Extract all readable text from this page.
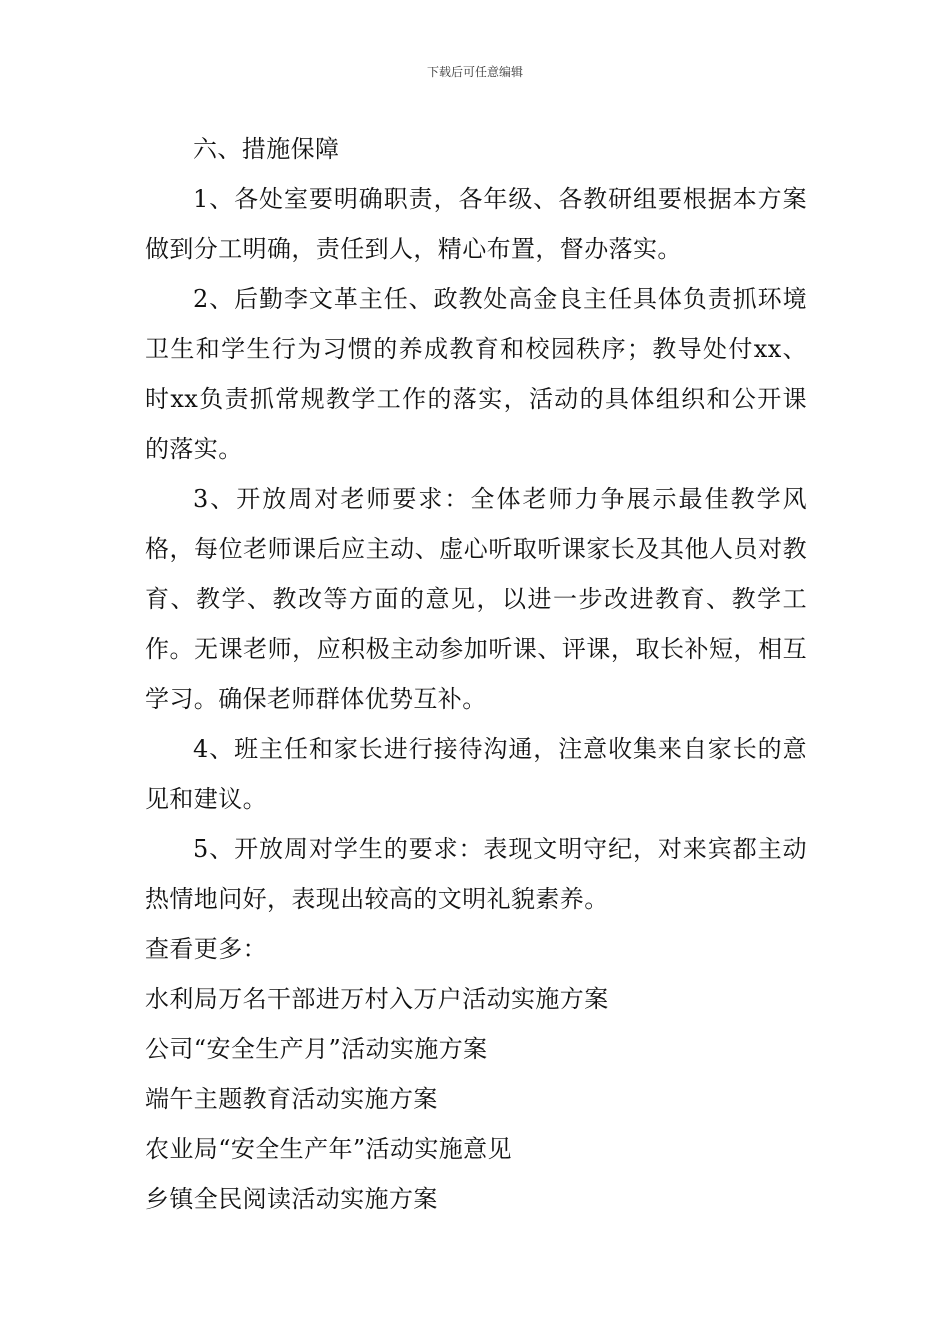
下载后可任意编辑

六、措施保障

1、各处室要明确职责，各年级、各教研组要根据本方案做到分工明确，责任到人，精心布置，督办落实。

2、后勤李文革主任、政教处高金良主任具体负责抓环境卫生和学生行为习惯的养成教育和校园秩序；教导处付xx、时xx负责抓常规教学工作的落实，活动的具体组织和公开课的落实。

3、开放周对老师要求：全体老师力争展示最佳教学风格，每位老师课后应主动、虚心听取听课家长及其他人员对教育、教学、教改等方面的意见，以进一步改进教育、教学工作。无课老师，应积极主动参加听课、评课，取长补短，相互学习。确保老师群体优势互补。

4、班主任和家长进行接待沟通，注意收集来自家长的意见和建议。

5、开放周对学生的要求：表现文明守纪，对来宾都主动热情地问好，表现出较高的文明礼貌素养。

查看更多：

水利局万名干部进万村入万户活动实施方案
公司“安全生产月”活动实施方案
端午主题教育活动实施方案
农业局“安全生产年”活动实施意见
乡镇全民阅读活动实施方案
